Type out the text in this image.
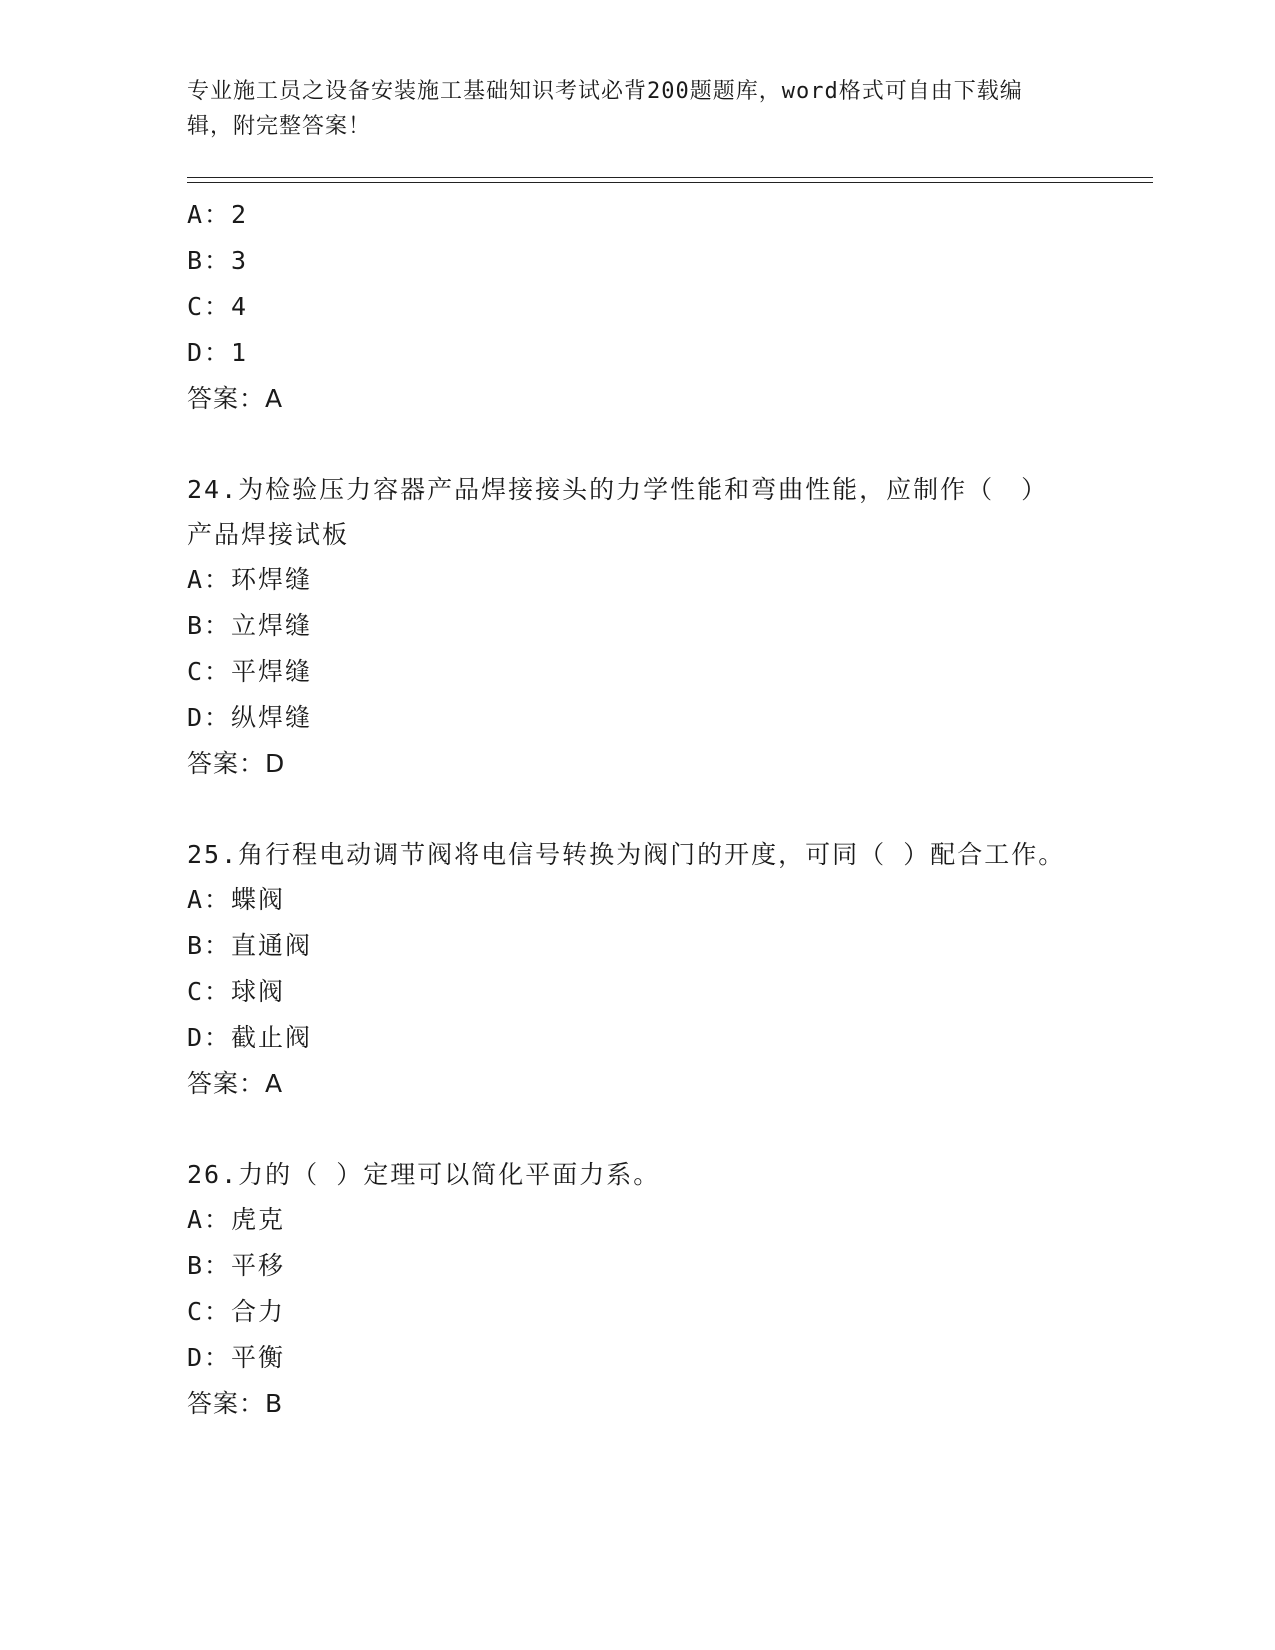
专业施工员之设备安装施工基础知识考试必背200题题库，word格式可自由下载编辑，附完整答案！
A：2
B：3
C：4
D：1
答案：A
24.为检验压力容器产品焊接接头的力学性能和弯曲性能，应制作（　）产品焊接试板
A：环焊缝
B：立焊缝
C：平焊缝
D：纵焊缝
答案：D
25.角行程电动调节阀将电信号转换为阀门的开度，可同（ ）配合工作。
A：蝶阀
B：直通阀
C：球阀
D：截止阀
答案：A
26.力的（ ）定理可以简化平面力系。
A：虎克
B：平移
C：合力
D：平衡
答案：B
